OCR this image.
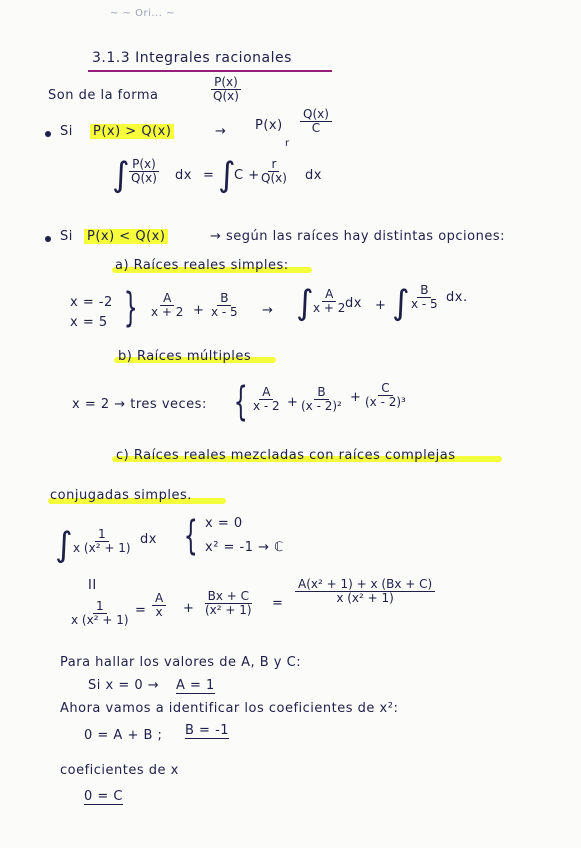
~ ~ Ori... ~
3.1.3 Integrales racionales
Son de la forma	$\frac{P(x)}{Q(x)}$
Si P(x) > Q(x)	→ $P(x) \frac{Q(x)}{C}$
r
∫
$\frac{P(x)}{Q(x)}$ dx = ∫
C +
$\frac{r}{Q(x)}$ dx
Si P(x) < Q(x)	→ según las raíces hay distintas opciones:
a) Raíces reales simples:
x = -2
x = 5 } $\frac{A}{x + 2} + \frac{B}{x - 5}$ → ∫
$\frac{A}{x + 2}$
dx + ∫
$\frac{B}{x - 5}$ dx.
b) Raíces múltiples
x = 2 → tres veces: } $\frac{A}{x - 2} + \frac{B}{\text{(x - 2)²}} + \frac{C}{\text{(x - 2)³}}$
c) Raíces reales mezcladas con raíces complejas
conjugadas simples.
∫
$\frac{1}{\text{x (x² + 1)}}$ dx } x = 0
x² = -1 → ℂ
II
$\frac{1}{\text{x (x² + 1)}} = \frac{A}{x} + \frac{Bx + C}{\text{(x² + 1)}} = \frac{\text{A(x² + 1) + x (Bx + C)}}{\text{x (x² + 1)}}$
Para hallar los valores de A, B y C:
Si x = 0 → A = 1
Ahora vamos a identificar los coeficientes de x²:
0 = A + B ; B = -1
coeficientes de x
0 = C
